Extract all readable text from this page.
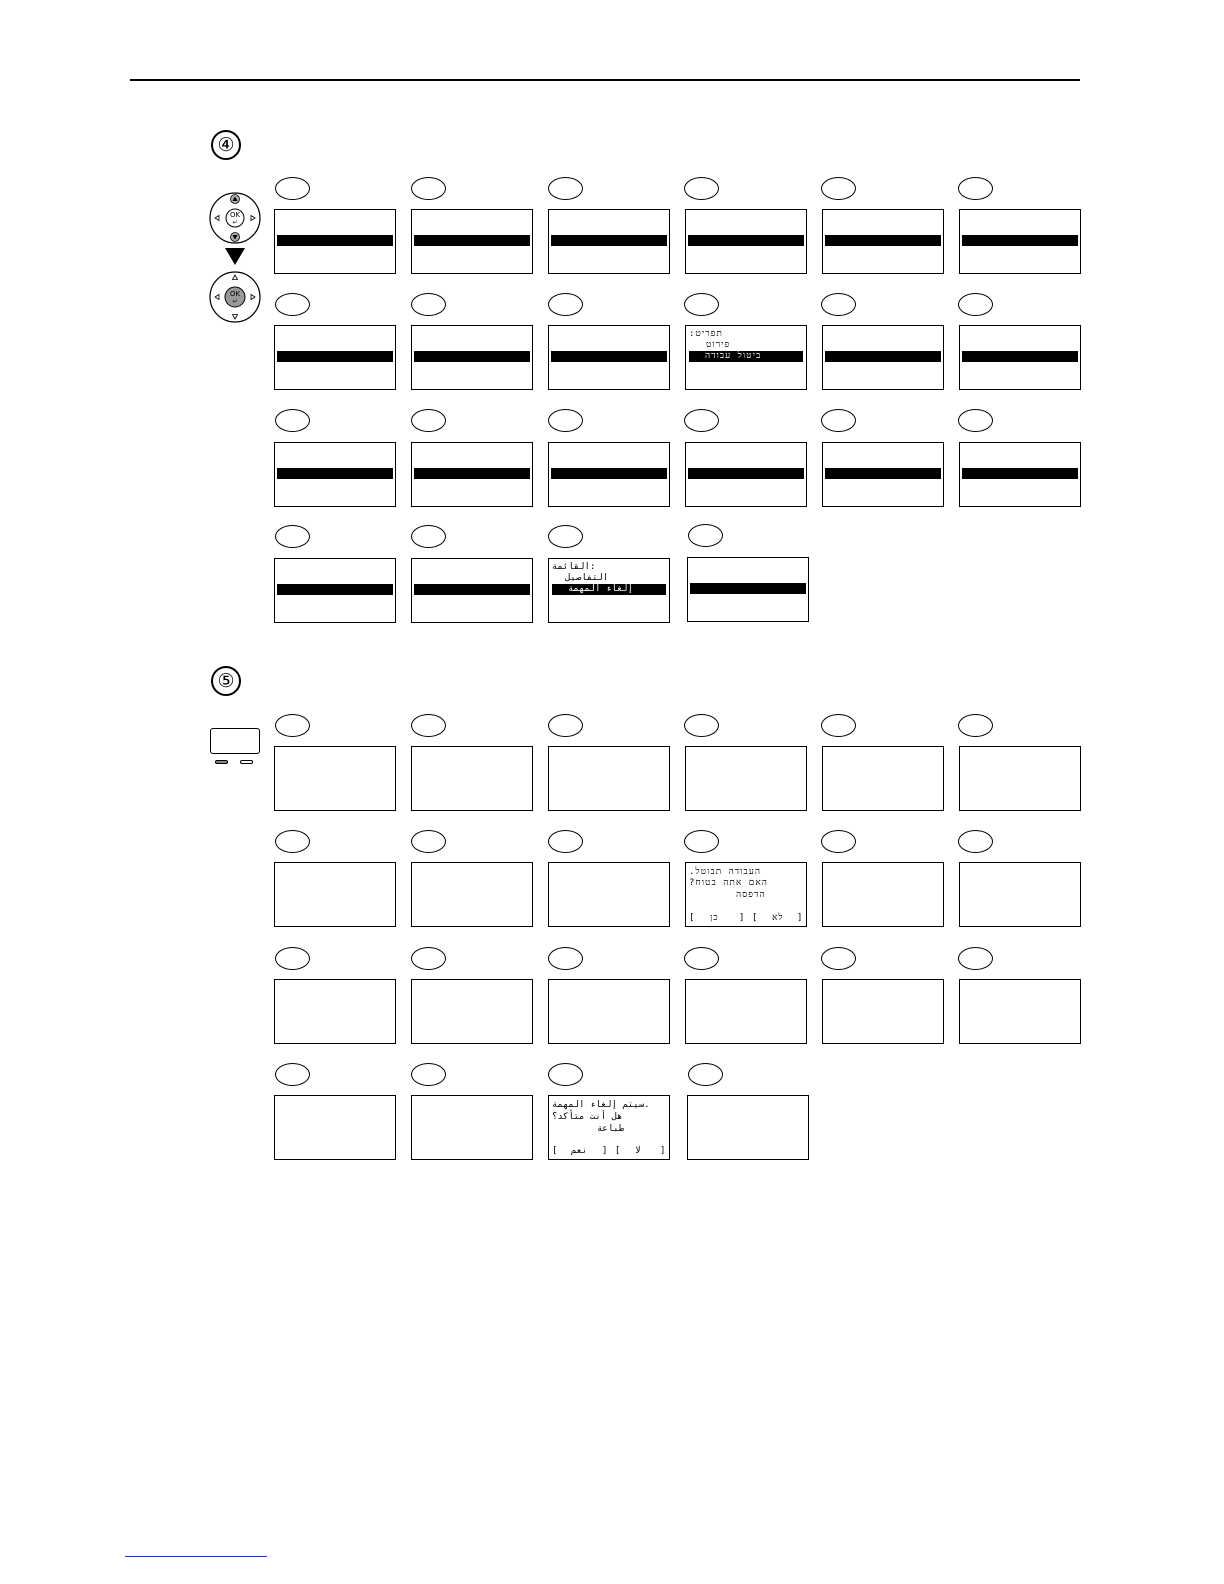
④
OK
↵
OK
↵
:תפריט
פירוט
ביטול עבודה
القائمة:
التفاصيل
إلغاء المهمة
⑤
.העבודה תבוטל
?האם אתה בטוח
הדפסה
[ כן ] [ לא ]
سيتم إلغاء المهمة.
هل أنت متأكد؟
طباعة
[ نعم ] [ لا ]
